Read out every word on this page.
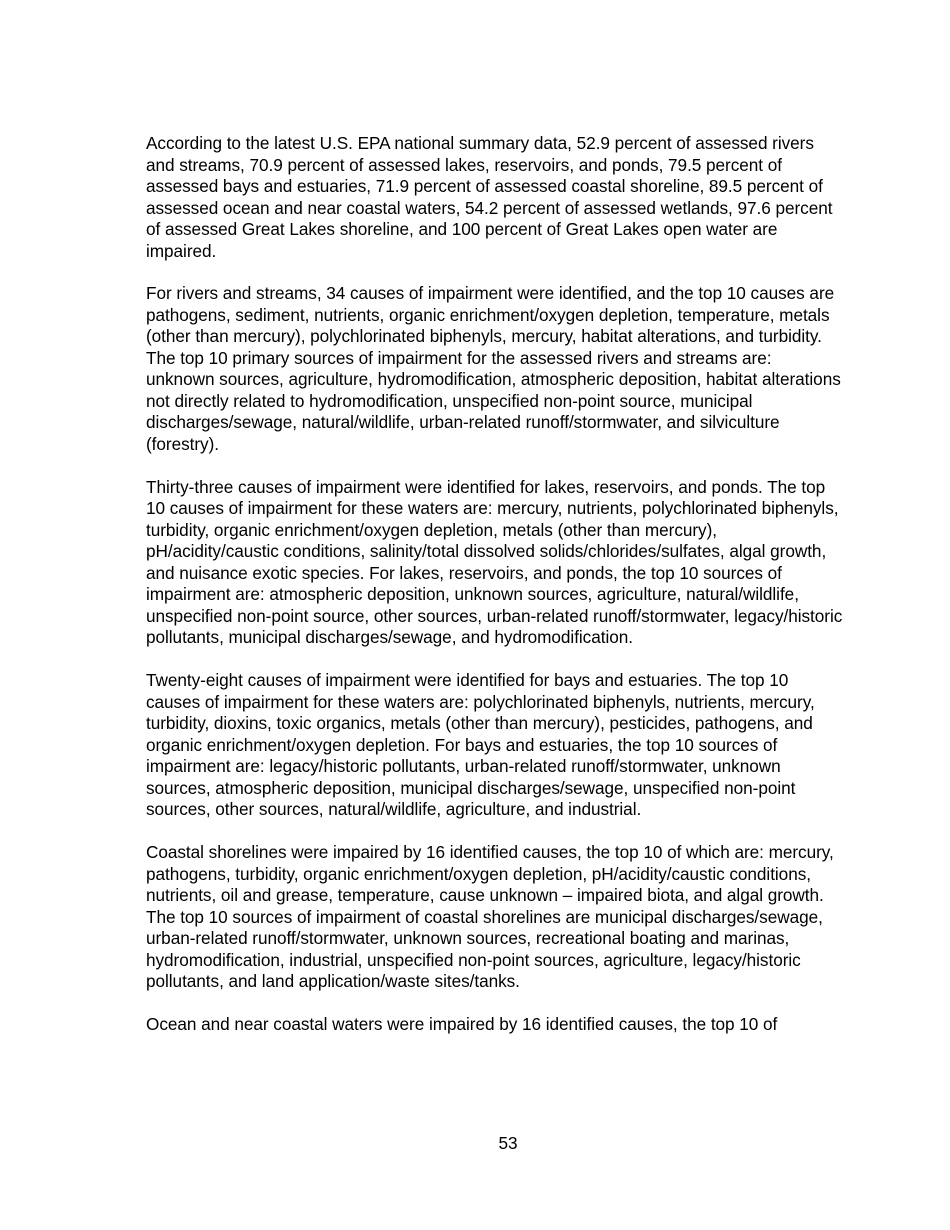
According to the latest U.S. EPA national summary data, 52.9 percent of assessed rivers and streams, 70.9 percent of assessed lakes, reservoirs, and ponds, 79.5 percent of assessed bays and estuaries, 71.9 percent of assessed coastal shoreline, 89.5 percent of assessed ocean and near coastal waters, 54.2 percent of assessed wetlands, 97.6 percent of assessed Great Lakes shoreline, and 100 percent of Great Lakes open water are impaired.

For rivers and streams, 34 causes of impairment were identified, and the top 10 causes are pathogens, sediment, nutrients, organic enrichment/oxygen depletion, temperature, metals (other than mercury), polychlorinated biphenyls, mercury, habitat alterations, and turbidity. The top 10 primary sources of impairment for the assessed rivers and streams are: unknown sources, agriculture, hydromodification, atmospheric deposition, habitat alterations not directly related to hydromodification, unspecified non-point source, municipal discharges/sewage, natural/wildlife, urban-related runoff/stormwater, and silviculture (forestry).

Thirty-three causes of impairment were identified for lakes, reservoirs, and ponds. The top 10 causes of impairment for these waters are: mercury, nutrients, polychlorinated biphenyls, turbidity, organic enrichment/oxygen depletion, metals (other than mercury), pH/acidity/caustic conditions, salinity/total dissolved solids/chlorides/sulfates, algal growth, and nuisance exotic species. For lakes, reservoirs, and ponds, the top 10 sources of impairment are: atmospheric deposition, unknown sources, agriculture, natural/wildlife, unspecified non-point source, other sources, urban-related runoff/stormwater, legacy/historic pollutants, municipal discharges/sewage, and hydromodification.

Twenty-eight causes of impairment were identified for bays and estuaries. The top 10 causes of impairment for these waters are: polychlorinated biphenyls, nutrients, mercury, turbidity, dioxins, toxic organics, metals (other than mercury), pesticides, pathogens, and organic enrichment/oxygen depletion. For bays and estuaries, the top 10 sources of impairment are: legacy/historic pollutants, urban-related runoff/stormwater, unknown sources, atmospheric deposition, municipal discharges/sewage, unspecified non-point sources, other sources, natural/wildlife, agriculture, and industrial.

Coastal shorelines were impaired by 16 identified causes, the top 10 of which are: mercury, pathogens, turbidity, organic enrichment/oxygen depletion, pH/acidity/caustic conditions, nutrients, oil and grease, temperature, cause unknown – impaired biota, and algal growth. The top 10 sources of impairment of coastal shorelines are municipal discharges/sewage, urban-related runoff/stormwater, unknown sources, recreational boating and marinas, hydromodification, industrial, unspecified non-point sources, agriculture, legacy/historic pollutants, and land application/waste sites/tanks.

Ocean and near coastal waters were impaired by 16 identified causes, the top 10 of

53
